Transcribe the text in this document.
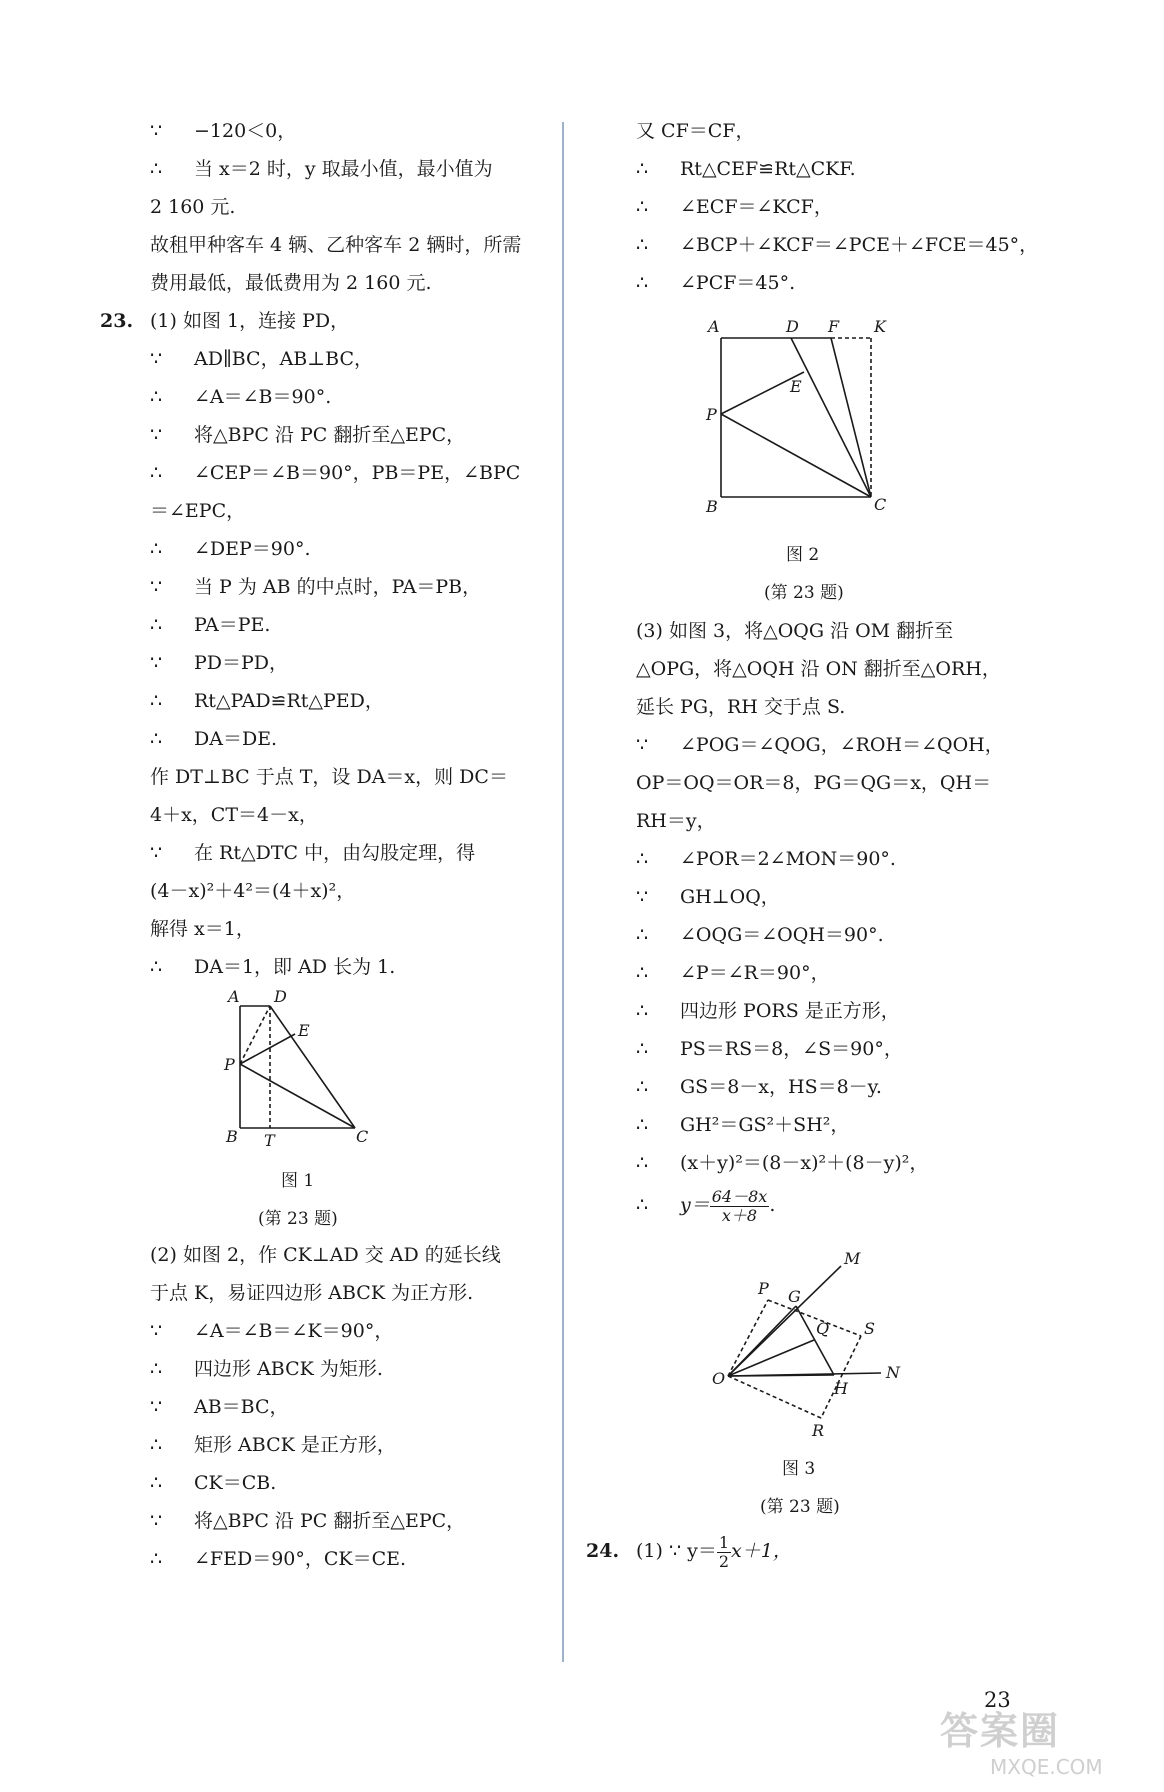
∵ −120＜0，
∴ 当 x＝2 时，y 取最小值，最小值为
2 160 元.
故租甲种客车 4 辆、乙种客车 2 辆时，所需
费用最低，最低费用为 2 160 元.
23. (1) 如图 1，连接 PD，
∵ AD∥BC，AB⊥BC，
∴ ∠A＝∠B＝90°.
∵ 将△BPC 沿 PC 翻折至△EPC，
∴ ∠CEP＝∠B＝90°，PB＝PE，∠BPC
＝∠EPC，
∴ ∠DEP＝90°.
∵ 当 P 为 AB 的中点时，PA＝PB，
∴ PA＝PE.
∵ PD＝PD，
∴ Rt△PAD≌Rt△PED，
∴ DA＝DE.
作 DT⊥BC 于点 T，设 DA＝x，则 DC＝
4＋x，CT＝4－x，
∵ 在 Rt△DTC 中，由勾股定理，得
(4－x)²＋4²＝(4＋x)²，
解得 x＝1，
∴ DA＝1，即 AD 长为 1.
A D
E
P
B T	C
图 1
(第 23 题)
(2) 如图 2，作 CK⊥AD 交 AD 的延长线
于点 K，易证四边形 ABCK 为正方形.
∵ ∠A＝∠B＝∠K＝90°，
∴ 四边形 ABCK 为矩形.
∵ AB＝BC，
∴ 矩形 ABCK 是正方形，
∴ CK＝CB.
∵ 将△BPC 沿 PC 翻折至△EPC，
∴ ∠FED＝90°，CK＝CE.
又 CF＝CF，
∴ Rt△CEF≌Rt△CKF.
∴ ∠ECF＝∠KCF，
∴ ∠BCP＋∠KCF＝∠PCE＋∠FCE＝45°，
∴ ∠PCF＝45°.
A	D F K
E
P
B	C
图 2
(第 23 题)
(3) 如图 3，将△OQG 沿 OM 翻折至
△OPG，将△OQH 沿 ON 翻折至△ORH，
延长 PG，RH 交于点 S.
∵ ∠POG＝∠QOG，∠ROH＝∠QOH，
OP＝OQ＝OR＝8，PG＝QG＝x，QH＝
RH＝y，
∴ ∠POR＝2∠MON＝90°.
∵ GH⊥OQ，
∴ ∠OQG＝∠OQH＝90°.
∴ ∠P＝∠R＝90°，
∴ 四边形 PORS 是正方形，
∴ PS＝RS＝8，∠S＝90°，
∴ GS＝8－x，HS＝8－y.
∴ GH²＝GS²＋SH²，
∴ (x＋y)²＝(8－x)²＋(8－y)²，
∴ $y= \frac{64-8x}{x+8}$ .
M
P G
Q S
O	N
H
R
图 3
(第 23 题)
24. (1) ∵ $y= \frac{1}{2} x+1$，
23
答案圈
MXQE.COM
